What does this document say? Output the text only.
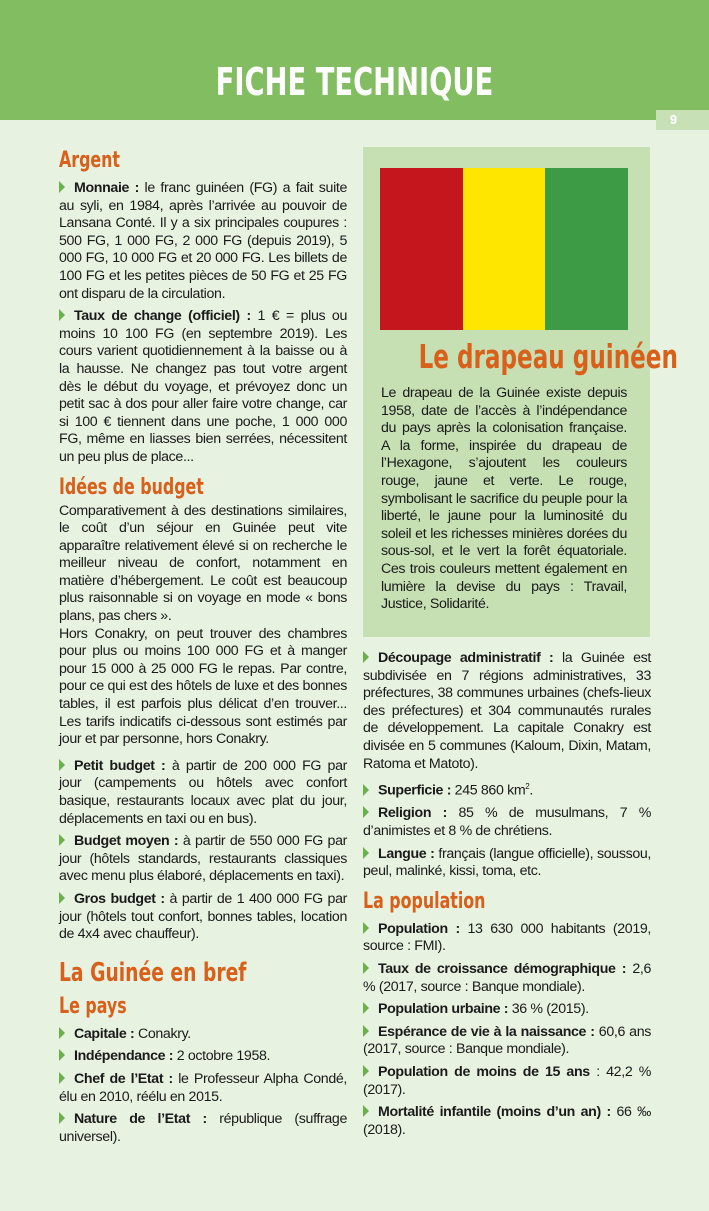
FICHE TECHNIQUE
9
Argent

Monnaie : le franc guinéen (FG) a fait suite au syli, en 1984, après l’arrivée au pouvoir de Lansana Conté. Il y a six principales coupures : 500 FG, 1 000 FG, 2 000 FG (depuis 2019), 5 000 FG, 10 000 FG et 20 000 FG. Les billets de 100 FG et les petites pièces de 50 FG et 25 FG ont disparu de la circulation.

Taux de change (officiel) : 1 € = plus ou moins 10 100 FG (en septembre 2019). Les cours varient quotidiennement à la baisse ou à la hausse. Ne changez pas tout votre argent dès le début du voyage, et prévoyez donc un petit sac à dos pour aller faire votre change, car si 100 € tiennent dans une poche, 1 000 000 FG, même en liasses bien serrées, nécessitent un peu plus de place...

Idées de budget

Comparativement à des destinations similaires, le coût d’un séjour en Guinée peut vite apparaître relativement élevé si on recherche le meilleur niveau de confort, notamment en matière d’hébergement. Le coût est beaucoup plus raisonnable si on voyage en mode « bons plans, pas chers ».

Hors Conakry, on peut trouver des chambres pour plus ou moins 100 000 FG et à manger pour 15 000 à 25 000 FG le repas. Par contre, pour ce qui est des hôtels de luxe et des bonnes tables, il est parfois plus délicat d’en trouver... Les tarifs indicatifs ci-dessous sont estimés par jour et par personne, hors Conakry.

Petit budget : à partir de 200 000 FG par jour (campements ou hôtels avec confort basique, restaurants locaux avec plat du jour, déplacements en taxi ou en bus).

Budget moyen : à partir de 550 000 FG par jour (hôtels standards, restaurants classiques avec menu plus élaboré, déplacements en taxi).

Gros budget : à partir de 1 400 000 FG par jour (hôtels tout confort, bonnes tables, location de 4x4 avec chauffeur).

La Guinée en bref
Le pays

Capitale : Conakry.

Indépendance : 2 octobre 1958.

Chef de l’Etat : le Professeur Alpha Condé, élu en 2010, réélu en 2015.

Nature de l’Etat : république (suffrage universel).

Le drapeau guinéen

Le drapeau de la Guinée existe depuis 1958, date de l’accès à l’indépendance du pays après la colonisation française. A la forme, inspirée du drapeau de l’Hexagone, s’ajoutent les couleurs rouge, jaune et verte. Le rouge, symbolisant le sacrifice du peuple pour la liberté, le jaune pour la luminosité du soleil et les richesses minières dorées du sous-sol, et le vert la forêt équatoriale. Ces trois couleurs mettent également en lumière la devise du pays : Travail, Justice, Solidarité.

Découpage administratif : la Guinée est subdivisée en 7 régions administratives, 33 préfectures, 38 communes urbaines (chefs-lieux des préfectures) et 304 communautés rurales de développement. La capitale Conakry est divisée en 5 communes (Kaloum, Dixin, Matam, Ratoma et Matoto).

Superficie : 245 860 $km^2$.

Religion : 85 % de musulmans, 7 % d’animistes et 8 % de chrétiens.

Langue : français (langue officielle), soussou, peul, malinké, kissi, toma, etc.

La population

Population : 13 630 000 habitants (2019, source : FMI).

Taux de croissance démographique : 2,6 % (2017, source : Banque mondiale).

Population urbaine : 36 % (2015).

Espérance de vie à la naissance : 60,6 ans (2017, source : Banque mondiale).

Population de moins de 15 ans : 42,2 % (2017).

Mortalité infantile (moins d’un an) : 66 ‰ (2018).
